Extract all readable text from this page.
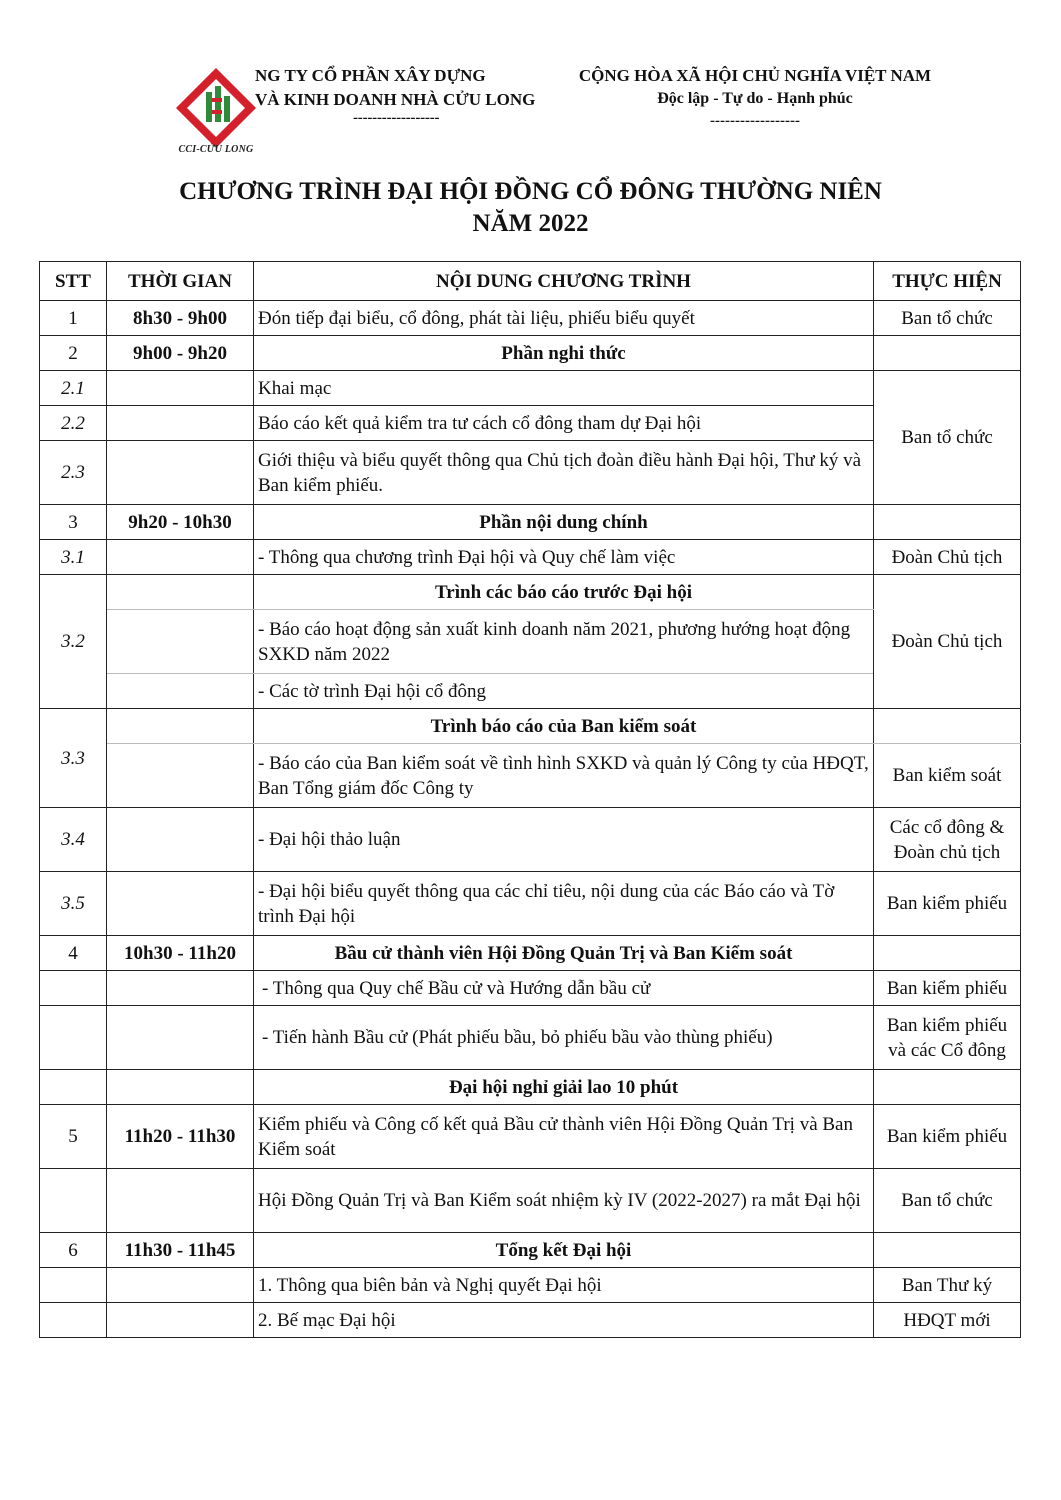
CCI-CỬU LONG
NG TY CỔ PHẦN XÂY DỰNG
VÀ KINH DOANH NHÀ CỬU LONG
------------------
CỘNG HÒA XÃ HỘI CHỦ NGHĨA VIỆT NAM
Độc lập - Tự do - Hạnh phúc
------------------
CHƯƠNG TRÌNH ĐẠI HỘI ĐỒNG CỔ ĐÔNG THƯỜNG NIÊN
NĂM 2022
STT	THỜI GIAN	NỘI DUNG CHƯƠNG TRÌNH	THỰC HIỆN
1	8h30 - 9h00	Đón tiếp đại biểu, cổ đông, phát tài liệu, phiếu biểu quyết	Ban tổ chức
2	9h00 - 9h20	Phần nghi thức	
2.1		Khai mạc	Ban tổ chức
2.2		Báo cáo kết quả kiểm tra tư cách cổ đông tham dự Đại hội	
2.3		Giới thiệu và biểu quyết thông qua Chủ tịch đoàn điều hành Đại hội, Thư ký và Ban kiểm phiếu.	
3	9h20 - 10h30	Phần nội dung chính	
3.1		- Thông qua chương trình Đại hội và Quy chế làm việc	Đoàn Chủ tịch
3.2		Trình các báo cáo trước Đại hội	Đoàn Chủ tịch
		- Báo cáo hoạt động sản xuất kinh doanh năm 2021, phương hướng hoạt động SXKD năm 2022	
		- Các tờ trình Đại hội cổ đông	
3.3		Trình báo cáo của Ban kiểm soát	
		- Báo cáo của Ban kiểm soát về tình hình SXKD và quản lý Công ty của HĐQT, Ban Tổng giám đốc Công ty	Ban kiểm soát
3.4		- Đại hội thảo luận	Các cổ đông &
Đoàn chủ tịch
3.5		- Đại hội biểu quyết thông qua các chỉ tiêu, nội dung của các Báo cáo và Tờ trình Đại hội	Ban kiểm phiếu
4	10h30 - 11h20	Bầu cử thành viên Hội Đồng Quản Trị và Ban Kiểm soát	
		- Thông qua Quy chế Bầu cử và Hướng dẫn bầu cử	Ban kiểm phiếu
		- Tiến hành Bầu cử (Phát phiếu bầu, bỏ phiếu bầu vào thùng phiếu)	Ban kiểm phiếu
và các Cổ đông
		Đại hội nghỉ giải lao 10 phút	
5	11h20 - 11h30	Kiểm phiếu và Công cố kết quả Bầu cử thành viên Hội Đồng Quản Trị và Ban Kiểm soát	Ban kiểm phiếu
		Hội Đồng Quản Trị và Ban Kiểm soát nhiệm kỳ IV (2022-2027) ra mắt Đại hội	Ban tổ chức
6	11h30 - 11h45	Tổng kết Đại hội	
		1. Thông qua biên bản và Nghị quyết Đại hội	Ban Thư ký
		2. Bế mạc Đại hội	HĐQT mới
